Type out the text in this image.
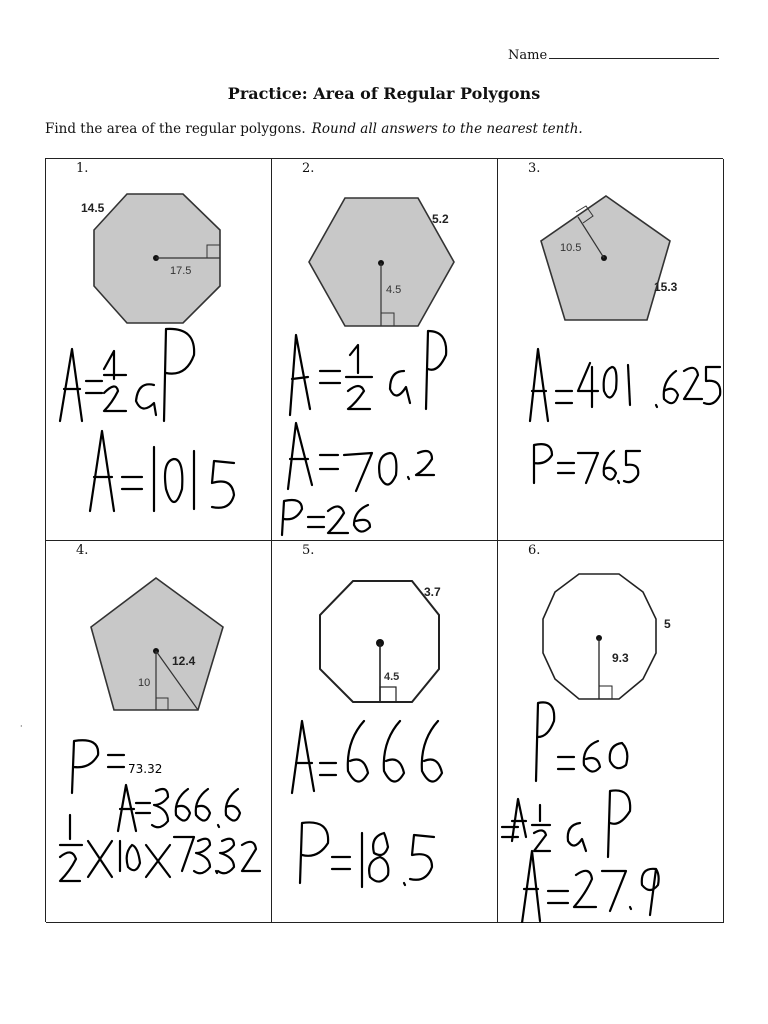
Name
Practice: Area of Regular Polygons
Find the area of the regular polygons. Round all answers to the nearest tenth.
·
1.
14.5
17.5
2.
5.2
4.5
3.
15.3
10.5
4.
12.4
10
73.32
5.
3.7
4.5
6.
5
9.3
